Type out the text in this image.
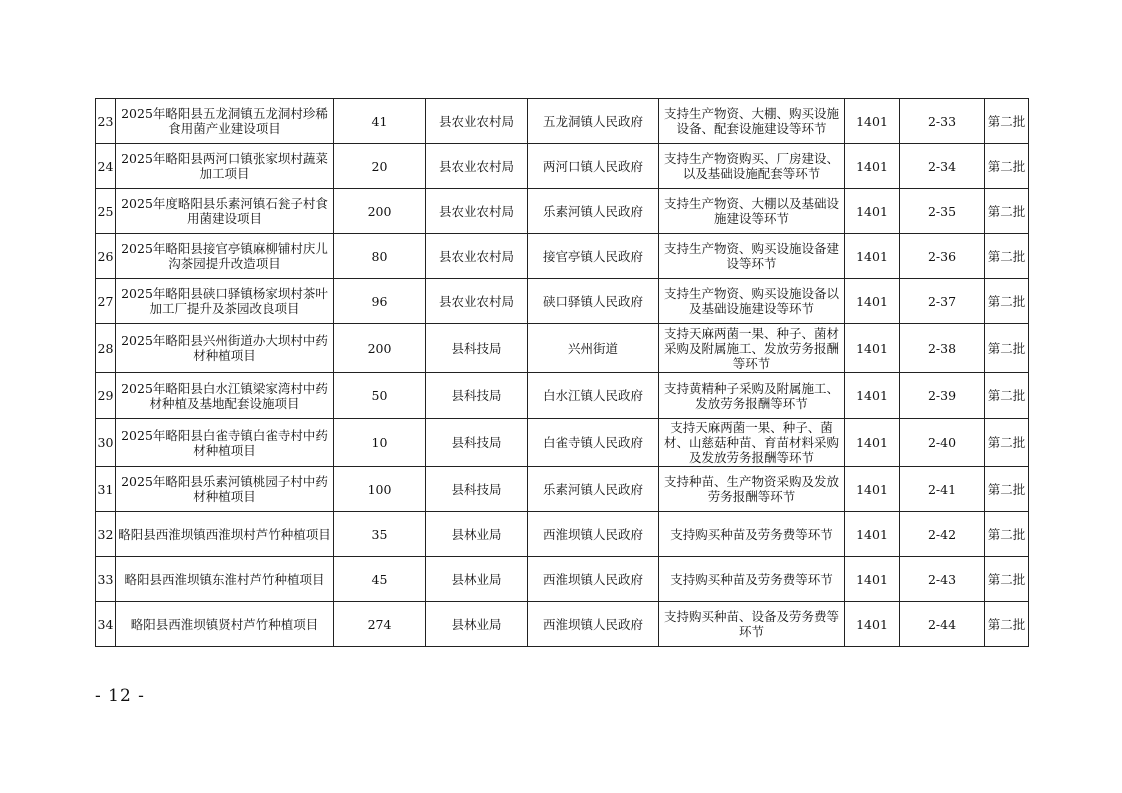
23	2025年略阳县五龙洞镇五龙洞村珍稀食用菌产业建设项目	41	县农业农村局	五龙洞镇人民政府	支持生产物资、大棚、购买设施设备、配套设施建设等环节	1401	2-33	第二批
24	2025年略阳县两河口镇张家坝村蔬菜加工项目	20	县农业农村局	两河口镇人民政府	支持生产物资购买、厂房建设、以及基础设施配套等环节	1401	2-34	第二批
25	2025年度略阳县乐素河镇石瓮子村食用菌建设项目	200	县农业农村局	乐素河镇人民政府	支持生产物资、大棚以及基础设施建设等环节	1401	2-35	第二批
26	2025年略阳县接官亭镇麻柳铺村庆儿沟茶园提升改造项目	80	县农业农村局	接官亭镇人民政府	支持生产物资、购买设施设备建设等环节	1401	2-36	第二批
27	2025年略阳县硖口驿镇杨家坝村茶叶加工厂提升及茶园改良项目	96	县农业农村局	硖口驿镇人民政府	支持生产物资、购买设施设备以及基础设施建设等环节	1401	2-37	第二批
28	2025年略阳县兴州街道办大坝村中药材种植项目	200	县科技局	兴州街道	支持天麻两菌一果、种子、菌材采购及附属施工、发放劳务报酬等环节	1401	2-38	第二批
29	2025年略阳县白水江镇梁家湾村中药材种植及基地配套设施项目	50	县科技局	白水江镇人民政府	支持黄精种子采购及附属施工、发放劳务报酬等环节	1401	2-39	第二批
30	2025年略阳县白雀寺镇白雀寺村中药材种植项目	10	县科技局	白雀寺镇人民政府	支持天麻两菌一果、种子、菌材、山慈菇种苗、育苗材料采购及发放劳务报酬等环节	1401	2-40	第二批
31	2025年略阳县乐素河镇桃园子村中药材种植项目	100	县科技局	乐素河镇人民政府	支持种苗、生产物资采购及发放劳务报酬等环节	1401	2-41	第二批
32	略阳县西淮坝镇西淮坝村芦竹种植项目	35	县林业局	西淮坝镇人民政府	支持购买种苗及劳务费等环节	1401	2-42	第二批
33	略阳县西淮坝镇东淮村芦竹种植项目	45	县林业局	西淮坝镇人民政府	支持购买种苗及劳务费等环节	1401	2-43	第二批
34	略阳县西淮坝镇贤村芦竹种植项目	274	县林业局	西淮坝镇人民政府	支持购买种苗、设备及劳务费等环节	1401	2-44	第二批
- 12 -
